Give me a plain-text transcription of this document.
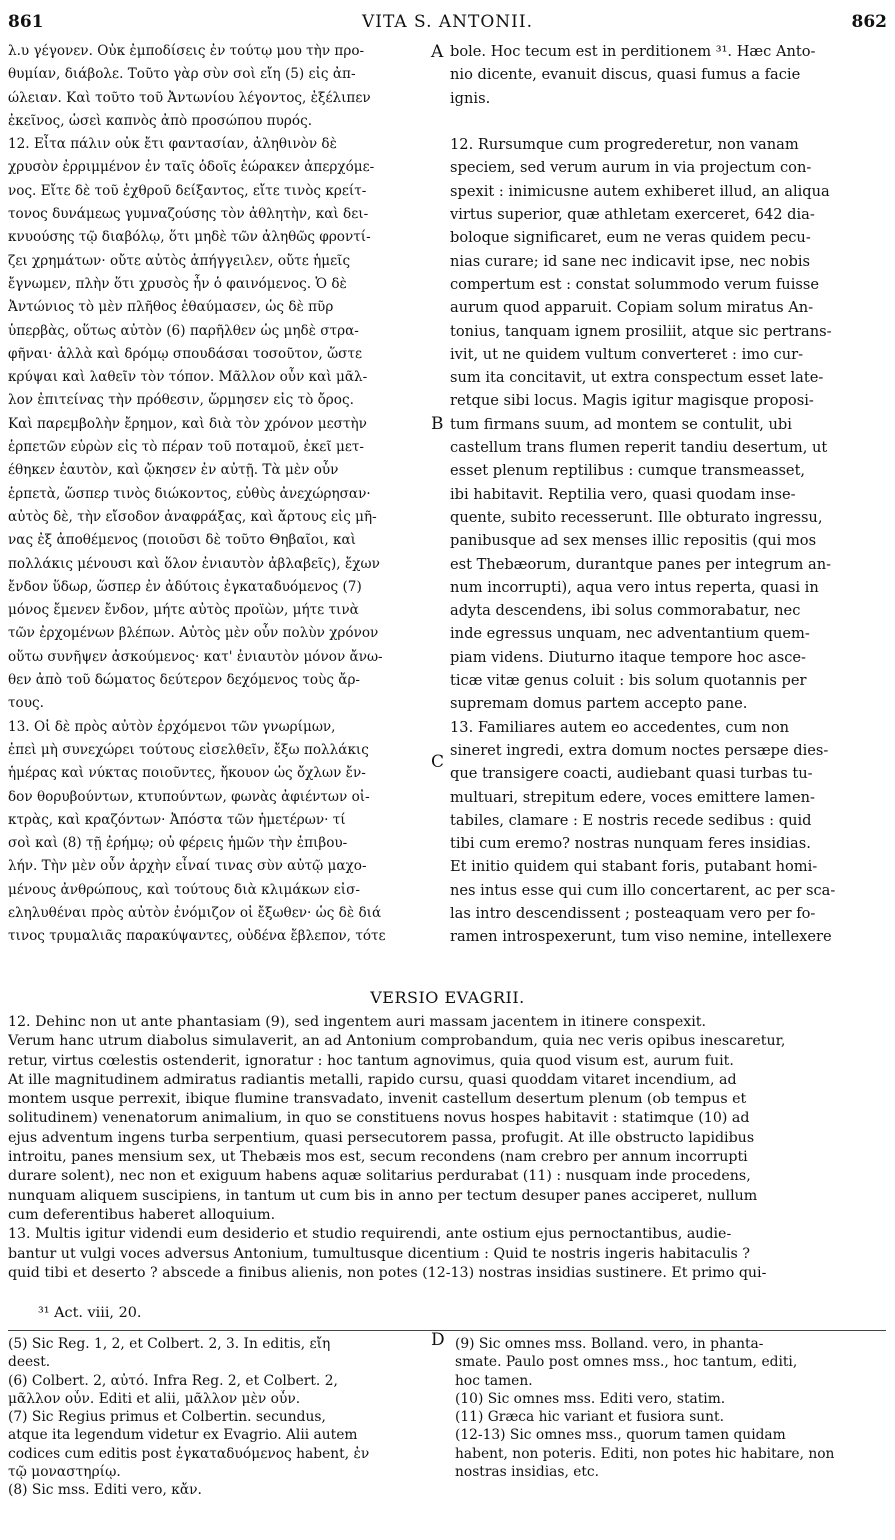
861	VITA S. ANTONII.	862
λ.υ γέγονεν. Οὐκ ἐμποδίσεις ἐν τούτῳ μου τὴν προ-
θυμίαν, διάβολε. Τοῦτο γὰρ σὺν σοὶ εἴη (5) εἰς ἀπ-
ώλειαν. Καὶ τοῦτο τοῦ Ἀντωνίου λέγοντος, ἐξέλιπεν
ἐκεῖνος, ὡσεὶ καπνὸς ἀπὸ προσώπου πυρός.
12. Εἶτα πάλιν οὐκ ἔτι φαντασίαν, ἀληθινὸν δὲ
χρυσὸν ἐρριμμένον ἐν ταῖς ὁδοῖς ἑώρακεν ἀπερχόμε-
νος. Εἴτε δὲ τοῦ ἐχθροῦ δείξαντος, εἴτε τινὸς κρείτ-
τονος δυνάμεως γυμναζούσης τὸν ἀθλητὴν, καὶ δει-
κνυούσης τῷ διαβόλῳ, ὅτι μηδὲ τῶν ἀληθῶς φροντί-
ζει χρημάτων· οὔτε αὐτὸς ἀπήγγειλεν, οὔτε ἡμεῖς
ἔγνωμεν, πλὴν ὅτι χρυσὸς ἦν ὁ φαινόμενος. Ὁ δὲ
Ἀντώνιος τὸ μὲν πλῆθος ἐθαύμασεν, ὡς δὲ πῦρ
ὑπερβὰς, οὕτως αὐτὸν (6) παρῆλθεν ὡς μηδὲ στρα-
φῆναι· ἀλλὰ καὶ δρόμῳ σπουδάσαι τοσοῦτον, ὥστε
κρύψαι καὶ λαθεῖν τὸν τόπον. Μᾶλλον οὖν καὶ μᾶλ-
λον ἐπιτείνας τὴν πρόθεσιν, ὥρμησεν εἰς τὸ ὄρος.
Καὶ παρεμβολὴν ἔρημον, καὶ διὰ τὸν χρόνον μεστὴν
ἑρπετῶν εὑρὼν εἰς τὸ πέραν τοῦ ποταμοῦ, ἐκεῖ μετ-
έθηκεν ἑαυτὸν, καὶ ᾤκησεν ἐν αὐτῇ. Τὰ μὲν οὖν
ἑρπετὰ, ὥσπερ τινὸς διώκοντος, εὐθὺς ἀνεχώρησαν·
αὐτὸς δὲ, τὴν εἴσοδον ἀναφράξας, καὶ ἄρτους εἰς μῆ-
νας ἐξ ἀποθέμενος (ποιοῦσι δὲ τοῦτο Θηβαῖοι, καὶ
πολλάκις μένουσι καὶ ὅλον ἐνιαυτὸν ἀβλαβεῖς), ἔχων
ἔνδον ὕδωρ, ὥσπερ ἐν ἀδύτοις ἐγκαταδυόμενος (7)
μόνος ἔμενεν ἔνδον, μήτε αὐτὸς προϊὼν, μήτε τινὰ
τῶν ἐρχομένων βλέπων. Αὐτὸς μὲν οὖν πολὺν χρόνον
οὕτω συνῆψεν ἀσκούμενος· κατ' ἐνιαυτὸν μόνον ἄνω-
θεν ἀπὸ τοῦ δώματος δεύτερον δεχόμενος τοὺς ἄρ-
τους.
13. Οἱ δὲ πρὸς αὐτὸν ἐρχόμενοι τῶν γνωρίμων,
ἐπεὶ μὴ συνεχώρει τούτους εἰσελθεῖν, ἔξω πολλάκις
ἡμέρας καὶ νύκτας ποιοῦντες, ἤκουον ὡς ὄχλων ἔν-
δον θορυβούντων, κτυπούντων, φωνὰς ἀφιέντων οἰ-
κτρὰς, καὶ κραζόντων· Ἀπόστα τῶν ἡμετέρων· τί
σοὶ καὶ (8) τῇ ἐρήμῳ; οὐ φέρεις ἡμῶν τὴν ἐπιβου-
λήν. Τὴν μὲν οὖν ἀρχὴν εἶναί τινας σὺν αὐτῷ μαχο-
μένους ἀνθρώπους, καὶ τούτους διὰ κλιμάκων εἰσ-
εληλυθέναι πρὸς αὐτὸν ἐνόμιζον οἱ ἔξωθεν· ὡς δὲ διά
τινος τρυμαλιᾶς παρακύψαντες, οὐδένα ἔβλεπον, τότε
bole. Hoc tecum est in perditionem ³¹. Hæc Anto-
nio dicente, evanuit discus, quasi fumus a facie
ignis.
12. Rursumque cum progrederetur, non vanam
speciem, sed verum aurum in via projectum con-
spexit : inimicusne autem exhiberet illud, an aliqua
virtus superior, quæ athletam exerceret, 642 dia-
boloque significaret, eum ne veras quidem pecu-
nias curare; id sane nec indicavit ipse, nec nobis
compertum est : constat solummodo verum fuisse
aurum quod apparuit. Copiam solum miratus An-
tonius, tanquam ignem prosiliit, atque sic pertrans-
ivit, ut ne quidem vultum converteret : imo cur-
sum ita concitavit, ut extra conspectum esset late-
retque sibi locus. Magis igitur magisque proposi-
tum firmans suum, ad montem se contulit, ubi
castellum trans flumen reperit tandiu desertum, ut
esset plenum reptilibus : cumque transmeasset,
ibi habitavit. Reptilia vero, quasi quodam inse-
quente, subito recesserunt. Ille obturato ingressu,
panibusque ad sex menses illic repositis (qui mos
est Thebæorum, durantque panes per integrum an-
num incorrupti), aqua vero intus reperta, quasi in
adyta descendens, ibi solus commorabatur, nec
inde egressus unquam, nec adventantium quem-
piam videns. Diuturno itaque tempore hoc asce-
ticæ vitæ genus coluit : bis solum quotannis per
supremam domus partem accepto pane.
13. Familiares autem eo accedentes, cum non
sineret ingredi, extra domum noctes persæpe dies-
que transigere coacti, audiebant quasi turbas tu-
multuari, strepitum edere, voces emittere lamen-
tabiles, clamare : E nostris recede sedibus : quid
tibi cum eremo? nostras nunquam feres insidias.
Et initio quidem qui stabant foris, putabant homi-
nes intus esse qui cum illo concertarent, ac per sca-
las intro descendissent ; posteaquam vero per fo-
ramen introspexerunt, tum viso nemine, intellexere
A
B
C
D
VERSIO EVAGRII.
12. Dehinc non ut ante phantasiam (9), sed ingentem auri massam jacentem in itinere conspexit.
Verum hanc utrum diabolus simulaverit, an ad Antonium comprobandum, quia nec veris opibus inescaretur,
retur, virtus cœlestis ostenderit, ignoratur : hoc tantum agnovimus, quia quod visum est, aurum fuit.
At ille magnitudinem admiratus radiantis metalli, rapido cursu, quasi quoddam vitaret incendium, ad
montem usque perrexit, ibique flumine transvadato, invenit castellum desertum plenum (ob tempus et
solitudinem) venenatorum animalium, in quo se constituens novus hospes habitavit : statimque (10) ad
ejus adventum ingens turba serpentium, quasi persecutorem passa, profugit. At ille obstructo lapidibus
introitu, panes mensium sex, ut Thebæis mos est, secum recondens (nam crebro per annum incorrupti
durare solent), nec non et exiguum habens aquæ solitarius perdurabat (11) : nusquam inde procedens,
nunquam aliquem suscipiens, in tantum ut cum bis in anno per tectum desuper panes acciperet, nullum
cum deferentibus haberet alloquium.
13. Multis igitur videndi eum desiderio et studio requirendi, ante ostium ejus pernoctantibus, audie-
bantur ut vulgi voces adversus Antonium, tumultusque dicentium : Quid te nostris ingeris habitaculis ?
quid tibi et deserto ? abscede a finibus alienis, non potes (12-13) nostras insidias sustinere. Et primo qui-
³¹ Act. viii, 20.
(5) Sic Reg. 1, 2, et Colbert. 2, 3. In editis, εἴη
deest.
(6) Colbert. 2, αὐτό. Infra Reg. 2, et Colbert. 2,
μᾶλλον οὖν. Editi et alii, μᾶλλον μὲν οὖν.
(7) Sic Regius primus et Colbertin. secundus,
atque ita legendum videtur ex Evagrio. Alii autem
codices cum editis post ἐγκαταδυόμενος habent, ἐν
τῷ μοναστηρίῳ.
(8) Sic mss. Editi vero, κἄν.
(9) Sic omnes mss. Bolland. vero, in phanta-
smate. Paulo post omnes mss., hoc tantum, editi,
hoc tamen.
(10) Sic omnes mss. Editi vero, statim.
(11) Græca hic variant et fusiora sunt.
(12-13) Sic omnes mss., quorum tamen quidam
habent, non poteris. Editi, non potes hic habitare, non
nostras insidias, etc.
